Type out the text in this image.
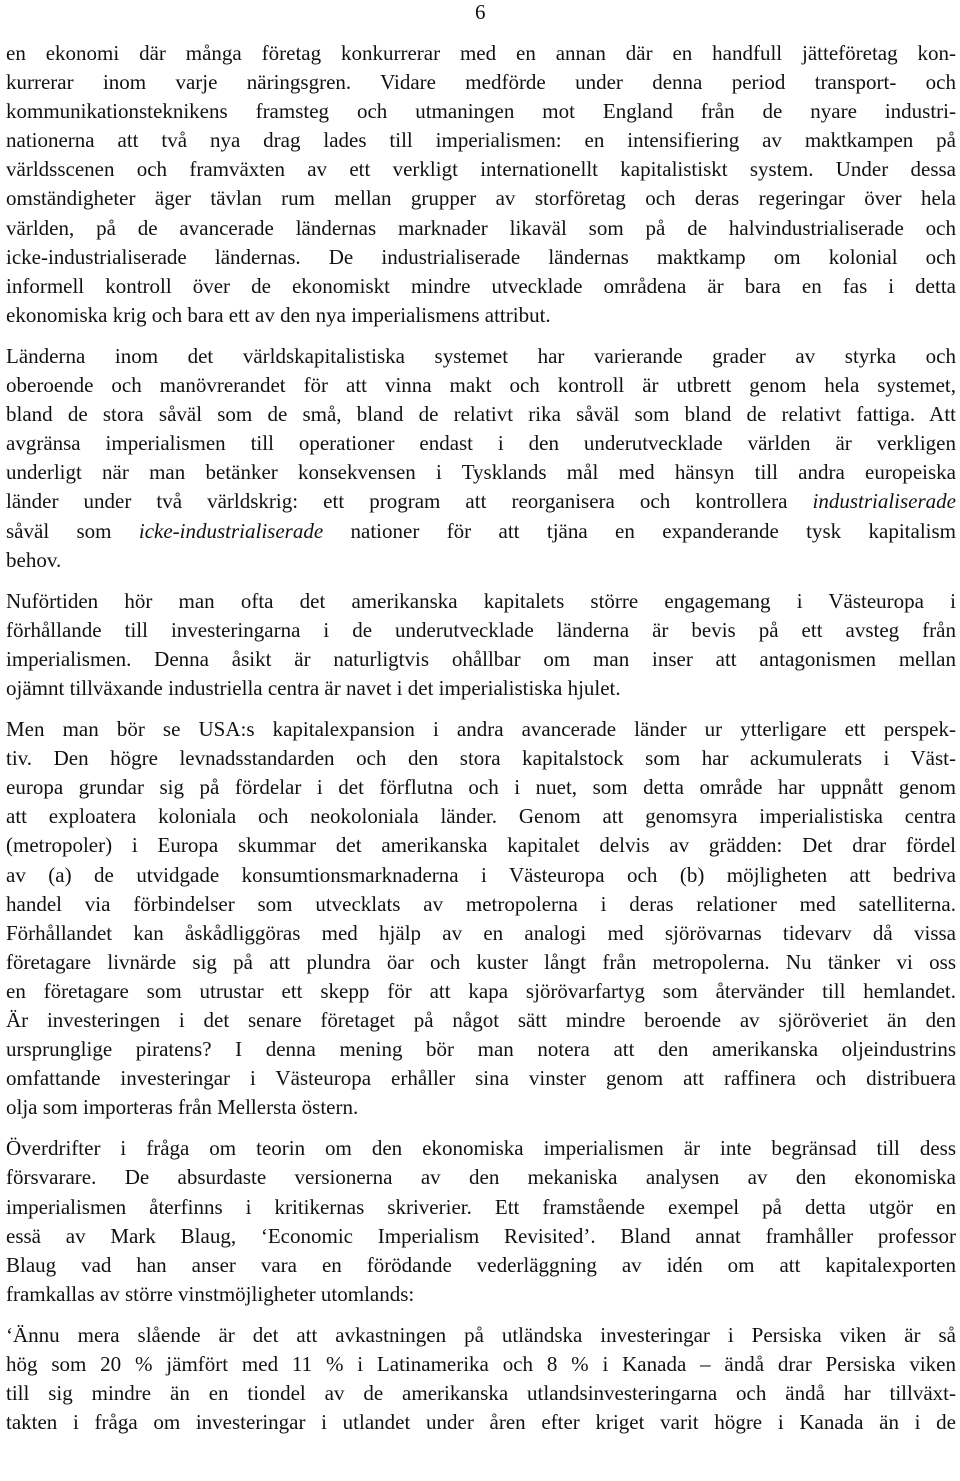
6

en ekonomi där många företag konkurrerar med en annan där en handfull jätteföretag kon-
kurrerar inom varje näringsgren. Vidare medförde under denna period transport- och
kommunikationsteknikens framsteg och utmaningen mot England från de nyare industri-
nationerna att två nya drag lades till imperialismen: en intensifiering av maktkampen på
världsscenen och framväxten av ett verkligt internationellt kapitalistiskt system. Under dessa
omständigheter äger tävlan rum mellan grupper av storföretag och deras regeringar över hela
världen, på de avancerade ländernas marknader likaväl som på de halvindustrialiserade och
icke-industrialiserade ländernas. De industrialiserade ländernas maktkamp om kolonial och
informell kontroll över de ekonomiskt mindre utvecklade områdena är bara en fas i detta
ekonomiska krig och bara ett av den nya imperialismens attribut.

Länderna inom det världskapitalistiska systemet har varierande grader av styrka och
oberoende och manövrerandet för att vinna makt och kontroll är utbrett genom hela systemet,
bland de stora såväl som de små, bland de relativt rika såväl som bland de relativt fattiga. Att
avgränsa imperialismen till operationer endast i den underutvecklade världen är verkligen
underligt när man betänker konsekvensen i Tysklands mål med hänsyn till andra europeiska
länder under två världskrig: ett program att reorganisera och kontrollera industrialiserade
såväl som icke-industrialiserade nationer för att tjäna en expanderande tysk kapitalism
behov.

Nuförtiden hör man ofta det amerikanska kapitalets större engagemang i Västeuropa i
förhållande till investeringarna i de underutvecklade länderna är bevis på ett avsteg från
imperialismen. Denna åsikt är naturligtvis ohållbar om man inser att antagonismen mellan
ojämnt tillväxande industriella centra är navet i det imperialistiska hjulet.

Men man bör se USA:s kapitalexpansion i andra avancerade länder ur ytterligare ett perspek-
tiv. Den högre levnadsstandarden och den stora kapitalstock som har ackumulerats i Väst-
europa grundar sig på fördelar i det förflutna och i nuet, som detta område har uppnått genom
att exploatera koloniala och neokoloniala länder. Genom att genomsyra imperialistiska centra
(metropoler) i Europa skummar det amerikanska kapitalet delvis av grädden: Det drar fördel
av (a) de utvidgade konsumtionsmarknaderna i Västeuropa och (b) möjligheten att bedriva
handel via förbindelser som utvecklats av metropolerna i deras relationer med satelliterna.
Förhållandet kan åskådliggöras med hjälp av en analogi med sjörövarnas tidevarv då vissa
företagare livnärde sig på att plundra öar och kuster långt från metropolerna. Nu tänker vi oss
en företagare som utrustar ett skepp för att kapa sjörövarfartyg som återvänder till hemlandet.
Är investeringen i det senare företaget på något sätt mindre beroende av sjöröveriet än den
ursprunglige piratens? I denna mening bör man notera att den amerikanska oljeindustrins
omfattande investeringar i Västeuropa erhåller sina vinster genom att raffinera och distribuera
olja som importeras från Mellersta östern.

Överdrifter i fråga om teorin om den ekonomiska imperialismen är inte begränsad till dess
försvarare. De absurdaste versionerna av den mekaniska analysen av den ekonomiska
imperialismen återfinns i kritikernas skriverier. Ett framstående exempel på detta utgör en
essä av Mark Blaug, ‘Economic Imperialism Revisited’. Bland annat framhåller professor
Blaug vad han anser vara en förödande vederläggning av idén om att kapitalexporten
framkallas av större vinstmöjligheter utomlands:

‘Ännu mera slående är det att avkastningen på utländska investeringar i Persiska viken är så
hög som 20 % jämfört med 11 % i Latinamerika och 8 % i Kanada – ändå drar Persiska viken
till sig mindre än en tiondel av de amerikanska utlandsinvesteringarna och ändå har tillväxt-
takten i fråga om investeringar i utlandet under åren efter kriget varit högre i Kanada än i de
